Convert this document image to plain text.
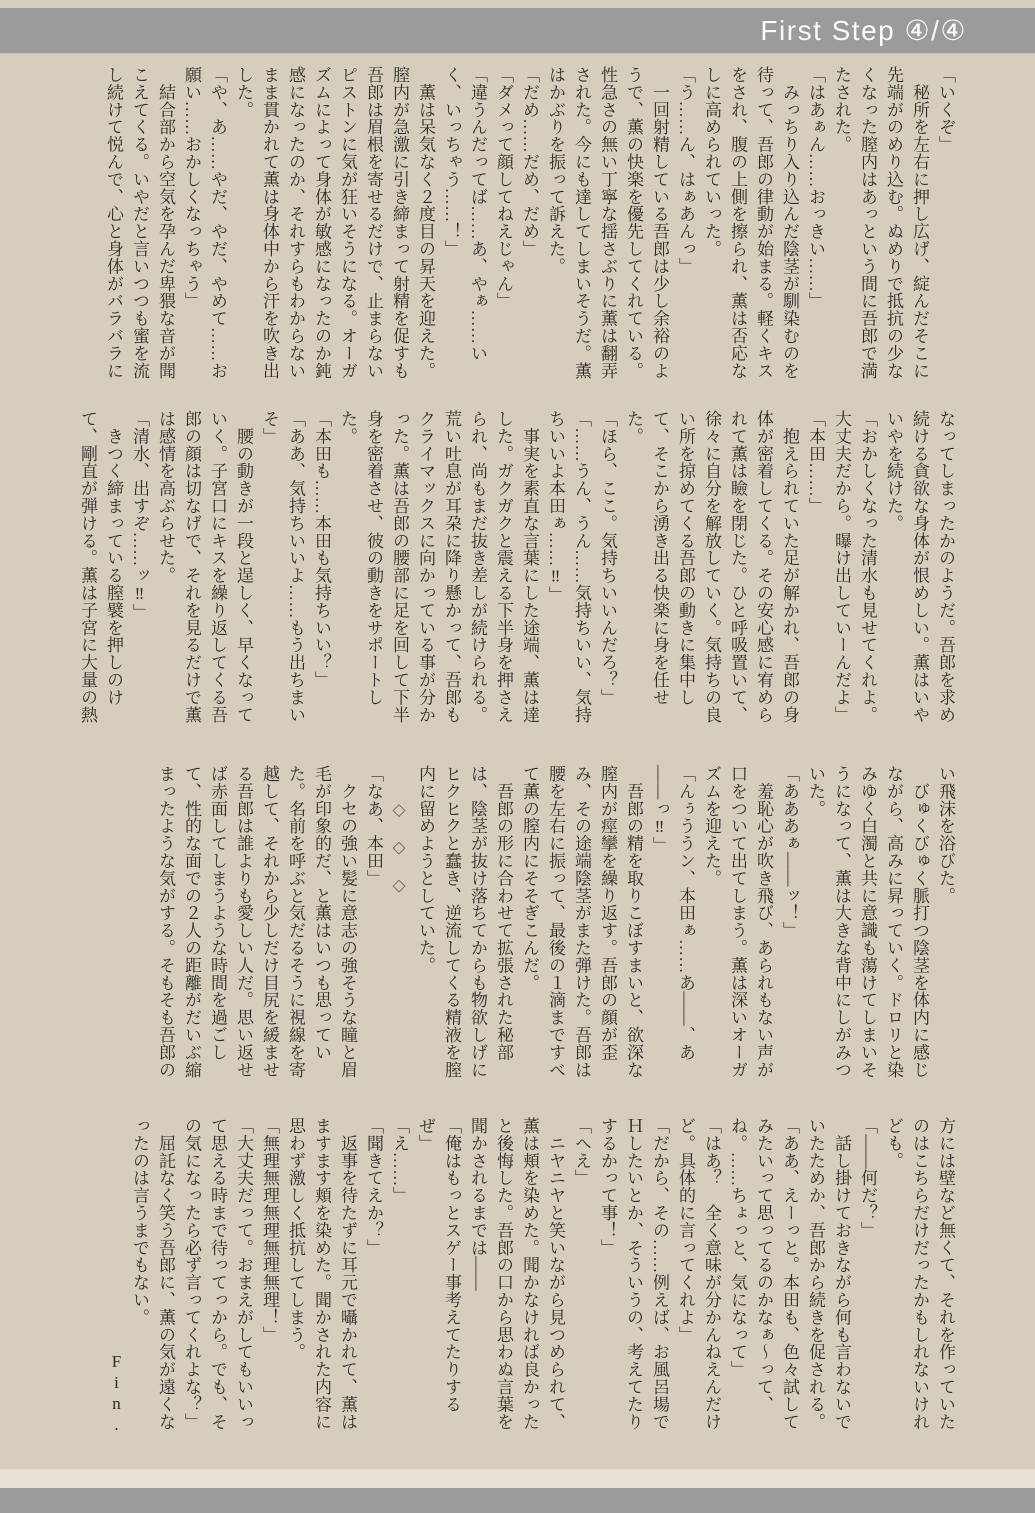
First Step ④/④

「いくぞ」

　秘所を左右に押し広げ、綻んだそこに

先端がのめり込む。ぬめりで抵抗の少な

くなった膣内はあっという間に吾郎で満

たされた。

「はあぁん……おっきい……」

　みっちり入り込んだ陰茎が馴染むのを

待って、吾郎の律動が始まる。軽くキス

をされ、腹の上側を擦られ、薫は否応な

しに高められていった。

「う……ん、はぁあんっ」

　一回射精している吾郎は少し余裕のよ

うで、薫の快楽を優先してくれている。

性急さの無い丁寧な揺さぶりに薫は翻弄

された。今にも達してしまいそうだ。薫

はかぶりを振って訴えた。

「だめ……だめ、だめ」

「ダメって顔してねえじゃん」

「違うんだってば……あ、やぁ……い

く、いっちゃう……！」

　薫は呆気なく２度目の昇天を迎えた。

膣内が急激に引き締まって射精を促すも

吾郎は眉根を寄せるだけで、止まらない

ピストンに気が狂いそうになる。オーガ

ズムによって身体が敏感になったのか鈍

感になったのか、それすらもわからない

まま貫かれて薫は身体中から汗を吹き出

した。

「や、あ……やだ、やだ、やめて……お

願い……おかしくなっちゃう」

　結合部から空気を孕んだ卑猥な音が聞

こえてくる。いやだと言いつつも蜜を流

し続けて悦んで、心と身体がバラバラに

なってしまったかのようだ。吾郎を求め

続ける貪欲な身体が恨めしい。薫はいや

いやを続けた。

「おかしくなった清水も見せてくれよ。

大丈夫だから。曝け出していーんだよ」

「本田……」

　抱えられていた足が解かれ、吾郎の身

体が密着してくる。その安心感に宥めら

れて薫は瞼を閉じた。ひと呼吸置いて、

徐々に自分を解放していく。気持ちの良

い所を掠めてくる吾郎の動きに集中し

て、そこから湧き出る快楽に身を任せ

た。

「ほら、ここ。気持ちいいんだろ？」

「……うん、うん……気持ちいい、気持

ちいいよ本田ぁ……‼」

　事実を素直な言葉にした途端、薫は達

した。ガクガクと震える下半身を押さえ

られ、尚もまだ抜き差しが続けられる。

荒い吐息が耳朶に降り懸かって、吾郎も

クライマックスに向かっている事が分か

った。薫は吾郎の腰部に足を回して下半

身を密着させ、彼の動きをサポートし

た。

「本田も……本田も気持ちいい？」

「ああ、気持ちいいよ……もう出ちまい

そ」

　腰の動きが一段と逞しく、早くなって

いく。子宮口にキスを繰り返してくる吾

郎の顔は切なげで、それを見るだけで薫

は感情を高ぶらせた。

「清水、出すぞ……ッ‼」

　きつく締まっている膣襞を押しのけ

て、剛直が弾ける。薫は子宮に大量の熱

い飛沫を浴びた。

　びゅくびゅく脈打つ陰茎を体内に感じ

ながら、高みに昇っていく。ドロリと染

みゆく白濁と共に意識も蕩けてしまいそ

うになって、薫は大きな背中にしがみつ

いた。

「あああぁ――ッ！」

　羞恥心が吹き飛び、あられもない声が

口をついて出てしまう。薫は深いオーガ

ズムを迎えた。

「んぅううン、本田ぁ……あ――、あ

――っ‼」

　吾郎の精を取りこぼすまいと、欲深な

膣内が痙攣を繰り返す。吾郎の顔が歪

み、その途端陰茎がまた弾けた。吾郎は

腰を左右に振って、最後の１滴まですべ

て薫の膣内にそそぎこんだ。

　吾郎の形に合わせて拡張された秘部

は、陰茎が抜け落ちてからも物欲しげに

ヒクヒクと蠢き、逆流してくる精液を膣

内に留めようとしていた。

　　◇　◇　◇

「なあ、本田」

　クセの強い髪に意志の強そうな瞳と眉

毛が印象的だ、と薫はいつも思ってい

た。名前を呼ぶと気だるそうに視線を寄

越して、それから少しだけ目尻を緩ませ

る吾郎は誰よりも愛しい人だ。思い返せ

ば赤面してしまうような時間を過ごし

て、性的な面での２人の距離がだいぶ縮

まったような気がする。そもそも吾郎の

方には壁など無くて、それを作っていた

のはこちらだけだったかもしれないけれ

ども。

「――何だ？」

　話し掛けておきながら何も言わないで

いたためか、吾郎から続きを促される。

「ああ、えーっと。本田も、色々試して

みたいって思ってるのかなぁ〜って、

ね。……ちょっと、気になって」

「はあ？　全く意味が分かんねえんだけ

ど。具体的に言ってくれよ」

「だから、その……例えば、お風呂場で

Ｈしたいとか、そういうの、考えてたり

するかって事！」

「へえ」

　ニヤニヤと笑いながら見つめられて、

薫は頬を染めた。聞かなければ良かった

と後悔した。吾郎の口から思わぬ言葉を

聞かされるまでは――

「俺はもっとスゲー事考えてたりする

ぜ」

「え……」

「聞きてえか？」

　返事を待たずに耳元で囁かれて、薫は

ますます頬を染めた。聞かされた内容に

思わず激しく抵抗してしまう。

「無理無理無理無理無理！」

「大丈夫だって。おまえがしてもいいっ

て思える時まで待ってっから。でも、そ

の気になったら必ず言ってくれよな？」

　屈託なく笑う吾郎に、薫の気が遠くな

ったのは言うまでもない。

Fin.
